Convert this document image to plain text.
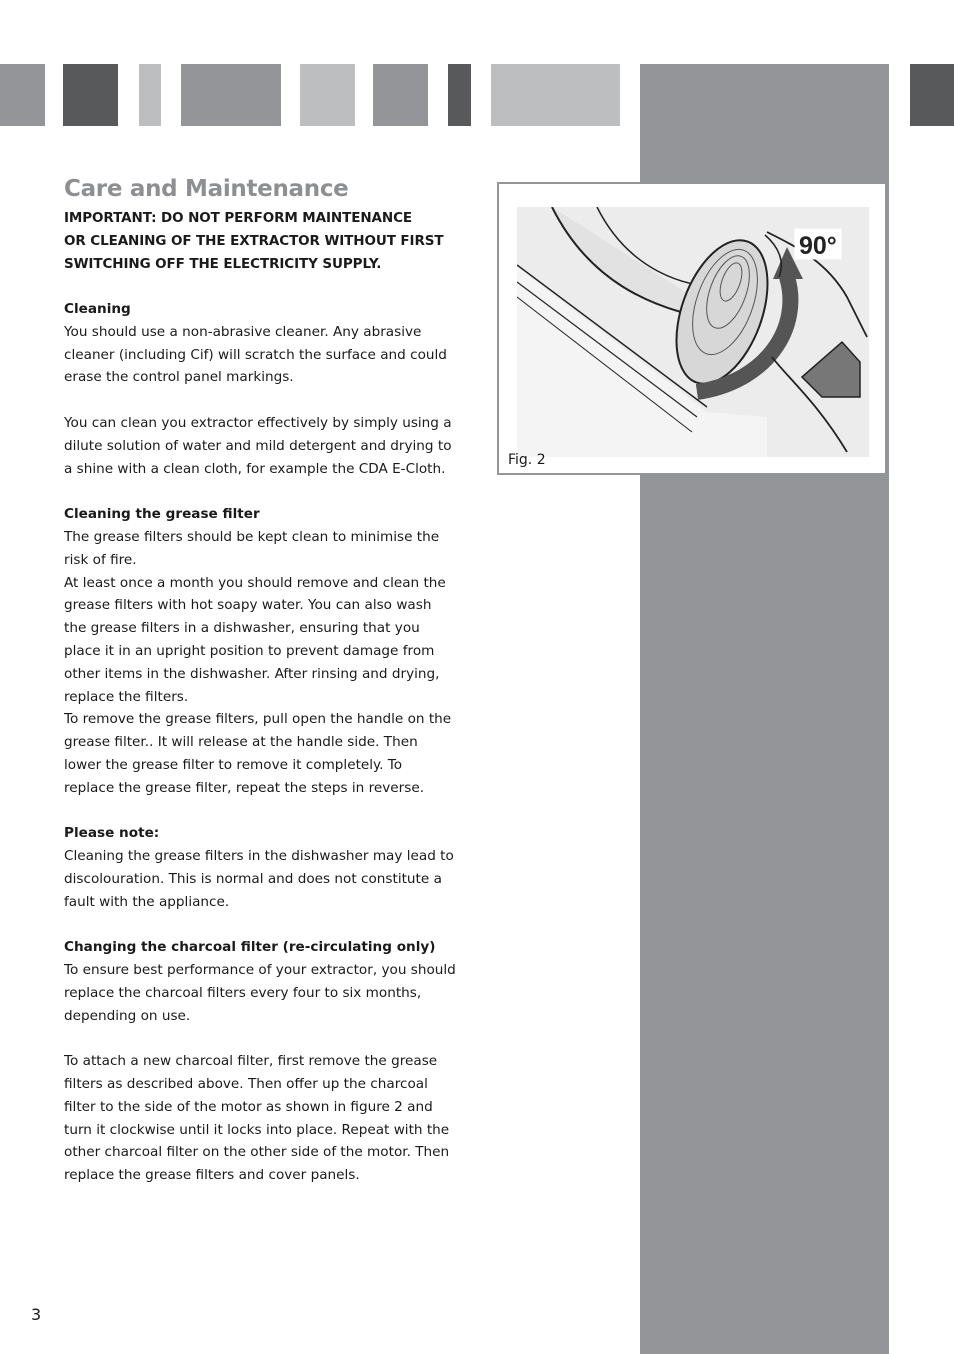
Care and Maintenance
IMPORTANT: DO NOT PERFORM MAINTENANCE
OR CLEANING OF THE EXTRACTOR WITHOUT FIRST
SWITCHING OFF THE ELECTRICITY SUPPLY.

Cleaning

You should use a non-abrasive cleaner. Any abrasive cleaner (including Cif) will scratch the surface and could erase the control panel markings.

You can clean you extractor effectively by simply using a dilute solution of water and mild detergent and drying to a shine with a clean cloth, for example the CDA E-Cloth.

Cleaning the grease filter

The grease filters should be kept clean to minimise the risk of fire.

At least once a month you should remove and clean the grease filters with hot soapy water. You can also wash the grease filters in a dishwasher, ensuring that you place it in an upright position to prevent damage from other items in the dishwasher. After rinsing and drying, replace the filters.

To remove the grease filters, pull open the handle on the grease filter.. It will release at the handle side. Then lower the grease filter to remove it completely. To replace the grease filter, repeat the steps in reverse.

Please note:

Cleaning the grease filters in the dishwasher may lead to discolouration. This is normal and does not constitute a fault with the appliance.

Changing the charcoal filter (re-circulating only)

To ensure best performance of your extractor, you should replace the charcoal filters every four to six months, depending on use.

To attach a new charcoal filter, first remove the grease filters as described above. Then offer up the charcoal filter to the side of the motor as shown in figure 2 and turn it clockwise until it locks into place. Repeat with the other charcoal filter on the other side of the motor. Then replace the grease filters and cover panels.

90°
Fig. 2
3
